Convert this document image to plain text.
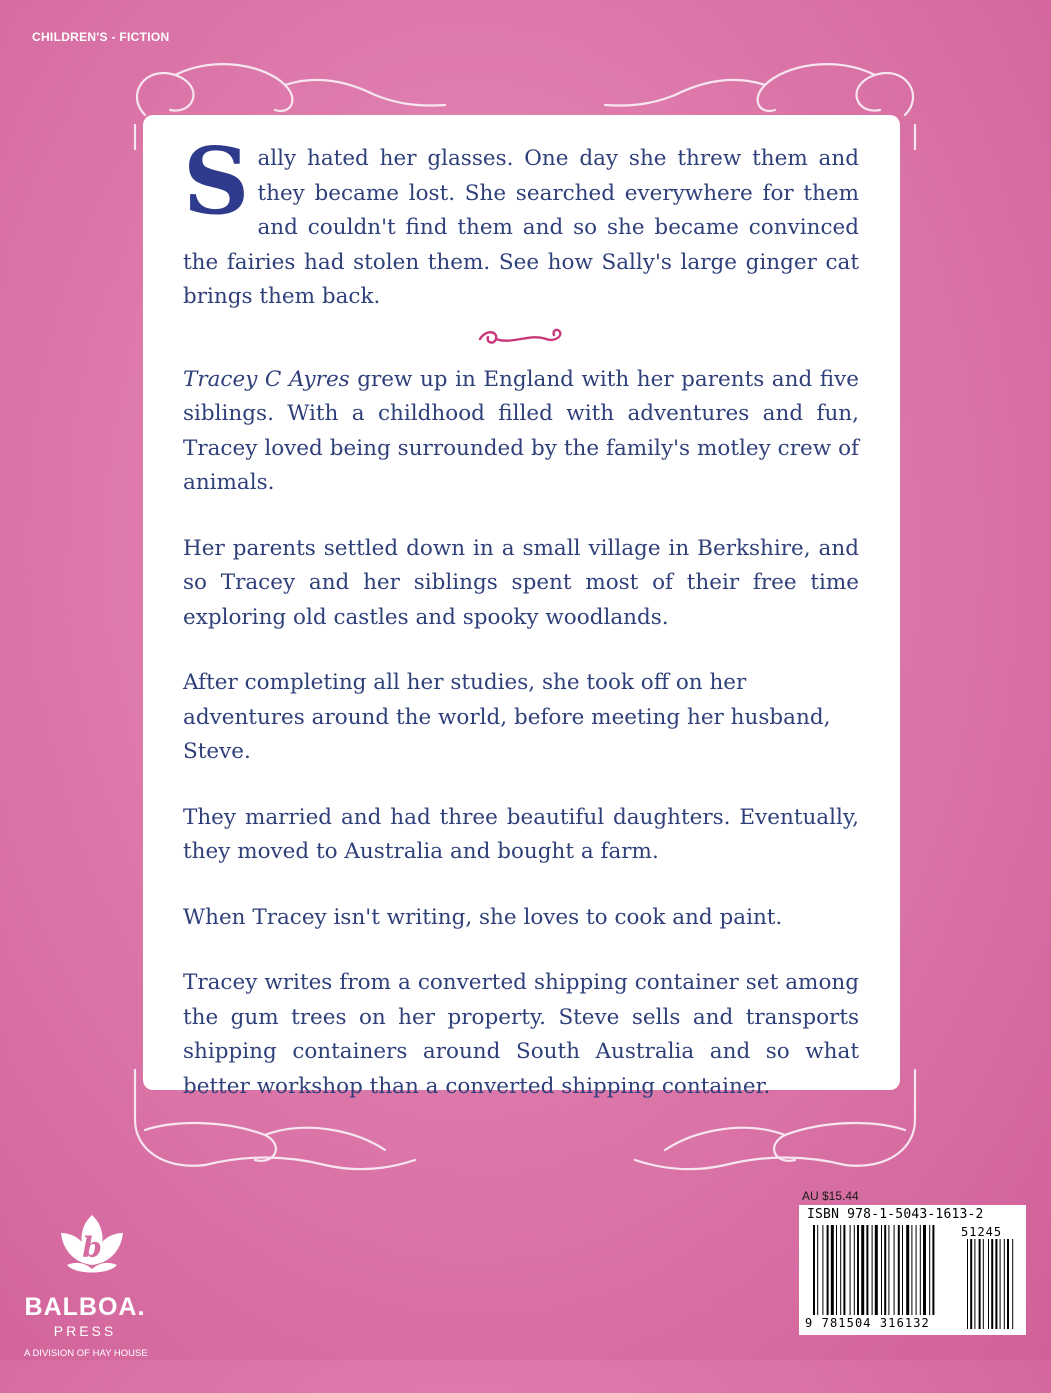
CHILDREN'S - FICTION

Sally hated her glasses. One day she threw them and they became lost. She searched everywhere for them and couldn't find them and so she became convinced the fairies had stolen them. See how Sally's large ginger cat brings them back.

Tracey C Ayres grew up in England with her parents and five siblings. With a childhood filled with adventures and fun, Tracey loved being surrounded by the family's motley crew of animals.

Her parents settled down in a small village in Berkshire, and so Tracey and her siblings spent most of their free time exploring old castles and spooky woodlands.

After completing all her studies, she took off on her adventures around the world, before meeting her husband, Steve.

They married and had three beautiful daughters. Eventually, they moved to Australia and bought a farm.

When Tracey isn't writing, she loves to cook and paint.

Tracey writes from a converted shipping container set among the gum trees on her property. Steve sells and transports shipping containers around South Australia and so what better workshop than a converted shipping container.

b
BALBOA.
PRESS
A DIVISION OF HAY HOUSE
AU $15.44
ISBN 978-1-5043-1613-2
51245
9 781504 316132
